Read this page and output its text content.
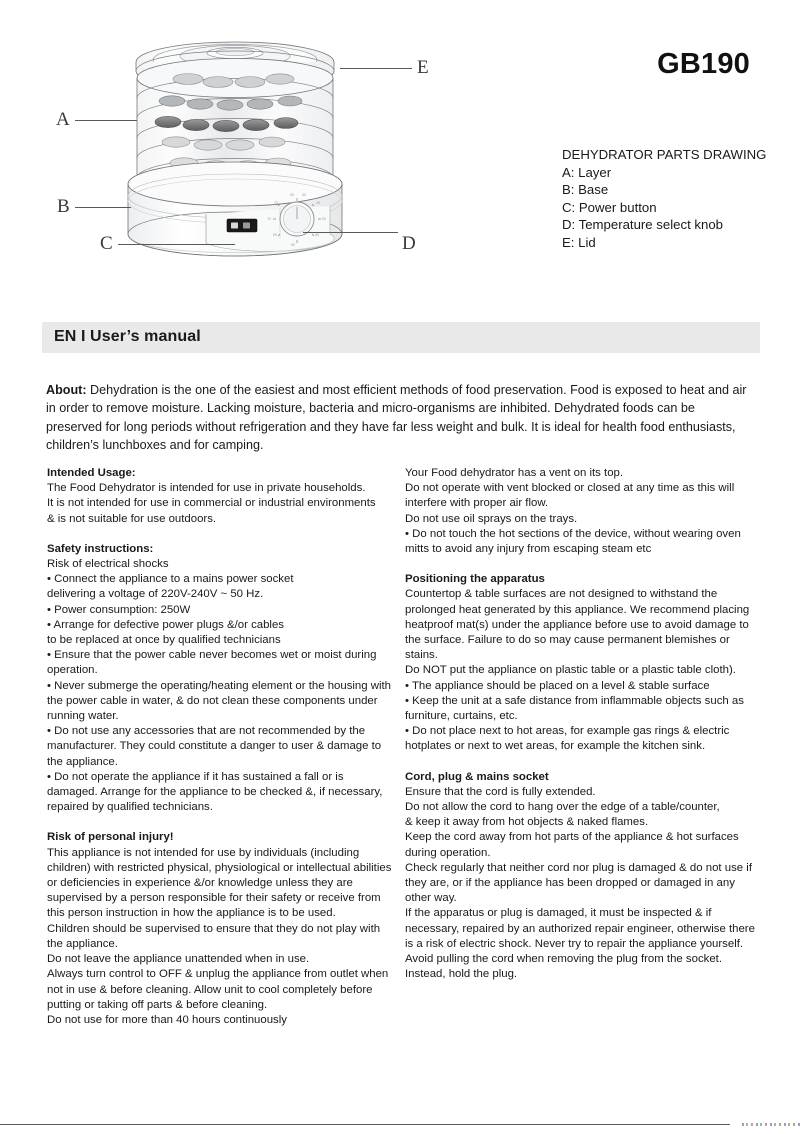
35 40
45
50
55
60
65
70
75
A
B
C	D
E	GB190
DEHYDRATOR PARTS DRAWING
A: Layer
B: Base
C: Power button
D: Temperature select knob
E: Lid
EN I User’s manual
About: Dehydration is the one of the easiest and most efficient methods of food preservation. Food is exposed to heat and air in order to remove moisture. Lacking moisture, bacteria and micro-organisms are inhibited. Dehydrated foods can be preserved for long periods without refrigeration and they have far less weight and bulk. It is ideal for health food enthusiasts, children’s lunchboxes and for camping.
Intended Usage:

The Food Dehydrator is intended for use in private households.
It is not intended for use in commercial or industrial environments
& is not suitable for use outdoors.

Safety instructions:

Risk of electrical shocks
• Connect the appliance to a mains power socket
delivering a voltage of 220V-240V ~ 50 Hz.
• Power consumption: 250W
• Arrange for defective power plugs &/or cables
to be replaced at once by qualified technicians
• Ensure that the power cable never becomes wet or moist during operation.
• Never submerge the operating/heating element or the housing with the power cable in water, & do not clean these components under running water.
• Do not use any accessories that are not recommended by the manufacturer. They could constitute a danger to user & damage to the appliance.
• Do not operate the appliance if it has sustained a fall or is damaged. Arrange for the appliance to be checked &, if necessary, repaired by qualified technicians.

Risk of personal injury!

This appliance is not intended for use by individuals (including children) with restricted physical, physiological or intellectual abilities or deficiencies in experience &/or knowledge unless they are supervised by a person responsible for their safety or receive from this person instruction in how the appliance is to be used.
Children should be supervised to ensure that they do not play with the appliance.
Do not leave the appliance unattended when in use.
Always turn control to OFF & unplug the appliance from outlet when not in use & before cleaning. Allow unit to cool completely before putting or taking off parts & before cleaning.
Do not use for more than 40 hours continuously

Your Food dehydrator has a vent on its top.
Do not operate with vent blocked or closed at any time as this will interfere with proper air flow.
Do not use oil sprays on the trays.
• Do not touch the hot sections of the device, without wearing oven mitts to avoid any injury from escaping steam etc

Positioning the apparatus

Countertop & table surfaces are not designed to withstand the prolonged heat generated by this appliance. We recommend placing heatproof mat(s) under the appliance before use to avoid damage to the surface. Failure to do so may cause permanent blemishes or stains.
Do NOT put the appliance on plastic table or a plastic table cloth).
• The appliance should be placed on a level & stable surface
• Keep the unit at a safe distance from inflammable objects such as furniture, curtains, etc.
• Do not place next to hot areas, for example gas rings & electric hotplates or next to wet areas, for example the kitchen sink.

Cord, plug & mains socket

Ensure that the cord is fully extended.
Do not allow the cord to hang over the edge of a table/counter,
& keep it away from hot objects & naked flames.
Keep the cord away from hot parts of the appliance & hot surfaces during operation.
Check regularly that neither cord nor plug is damaged & do not use if they are, or if the appliance has been dropped or damaged in any other way.
If the apparatus or plug is damaged, it must be inspected & if necessary, repaired by an authorized repair engineer, otherwise there is a risk of electric shock. Never try to repair the appliance yourself.
Avoid pulling the cord when removing the plug from the socket. Instead, hold the plug.
